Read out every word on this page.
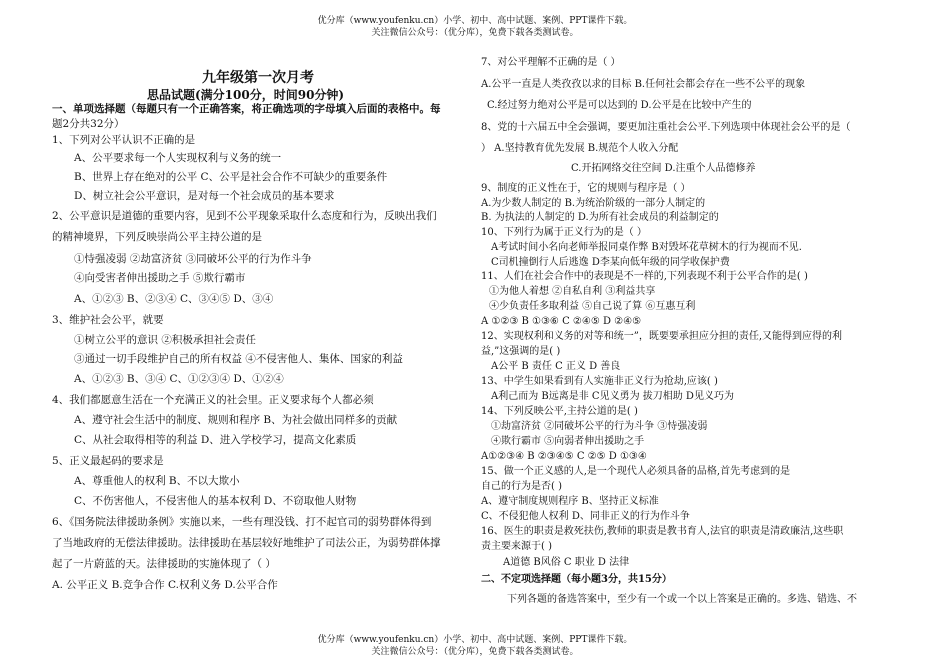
优分库（www.youfenku.cn）小学、初中、高中试题、案例、PPT课件下载。
关注微信公众号：（优分库），免费下载各类测试卷。
九年级第一次月考
思品试题(满分100分，时间90分钟)
一、单项选择题（每题只有一个正确答案，将正确选项的字母填入后面的表格中。每
题2分共32分）
1、下列对公平认识不正确的是
A、公平要求每一个人实现权利与义务的统一
B、世界上存在绝对的公平 C、公平是社会合作不可缺少的重要条件
D、树立社会公平意识，是对每一个社会成员的基本要求
2、公平意识是道德的重要内容，见到不公平现象采取什么态度和行为，反映出我们
的精神境界，下列反映崇尚公平主持公道的是
①恃强凌弱 ②劫富济贫 ③同破坏公平的行为作斗争
④向受害者伸出援助之手 ⑤欺行霸市
A、①②③ B、②③④ C、③④⑤ D、③④
3、维护社会公平，就要
①树立公平的意识 ②积极承担社会责任
③通过一切手段维护自己的所有权益 ④不侵害他人、集体、国家的利益
A、①②③ B、③④ C、①②③④ D、①②④
4、我们都愿意生活在一个充满正义的社会里。正义要求每个人都必须
A、遵守社会生活中的制度、规则和程序 B、为社会做出同样多的贡献
C、从社会取得相等的利益 D、进入学校学习，提高文化素质
5、正义最起码的要求是
A、尊重他人的权利 B、不以大欺小
C、不伤害他人，不侵害他人的基本权利 D、不窃取他人财物
6、《国务院法律援助条例》实施以来，一些有理没钱、打不起官司的弱势群体得到
了当地政府的无偿法律援助。法律援助在基层较好地维护了司法公正，为弱势群体撑
起了一片蔚蓝的天。法律援助的实施体现了（ ）
A. 公平正义 B.竞争合作 C.权利义务 D.公平合作
7、对公平理解不正确的是（ ）
A.公平一直是人类孜孜以求的目标 B.任何社会都会存在一些不公平的现象
C.经过努力绝对公平是可以达到的 D.公平是在比较中产生的
8、党的十六届五中全会强调，要更加注重社会公平.下列选项中体现社会公平的是（
） A.坚持教育优先发展 B.规范个人收入分配
C.开拓网络交往空间 D.注重个人品德修养
9、制度的正义性在于，它的规则与程序是（ ）
A.为少数人制定的 B.为统治阶级的一部分人制定的
B. 为执法的人制定的 D.为所有社会成员的利益制定的
10、下列行为属于正义行为的是（ ）
A考试时间小名向老师举报同桌作弊 B对毁坏花草树木的行为视而不见.
C司机撞倒行人后逃逸 D李某向低年级的同学收保护费
11、人们在社会合作中的表现是不一样的,下列表现不利于公平合作的是( )
①为他人着想 ②自私自利 ③利益共享
④少负责任多取利益 ⑤自己说了算 ⑥互惠互利
A ①②③ B ①③⑥ C ②④⑤ D ②④⑤
12、实现权利和义务的对等和统一”，既要要承担应分担的责任,又能得到应得的利
益,”这强调的是( )
A公平 B 责任 C 正义 D 善良
13、中学生如果看到有人实施非正义行为抢劫,应该( )
A利己而为 B远离是非 C见义勇为 拔刀相助 D见义巧为
14、下列反映公平,主持公道的是( )
①劫富济贫 ②同破坏公平的行为斗争 ③恃强凌弱
④欺行霸市 ⑤向弱者伸出援助之手
A①②③④ B ②③④⑤ C ②⑤ D ①③④
15、做一个正义感的人,是一个现代人必须具备的品格,首先考虑到的是
自己的行为是否( )
A、遵守制度规则程序 B、坚持正义标准
C、不侵犯他人权利 D、同非正义的行为作斗争
16、医生的职责是救死扶伤,教师的职责是教书育人,法官的职责是清政廉洁,这些职
责主要来源于( )
A道德 B风俗 C 职业 D 法律
二、不定项选择题（每小题3分，共15分）
下列各题的备选答案中，至少有一个或一个以上答案是正确的。多选、错选、不
优分库（www.youfenku.cn）小学、初中、高中试题、案例、PPT课件下载。
关注微信公众号：（优分库），免费下载各类测试卷。
